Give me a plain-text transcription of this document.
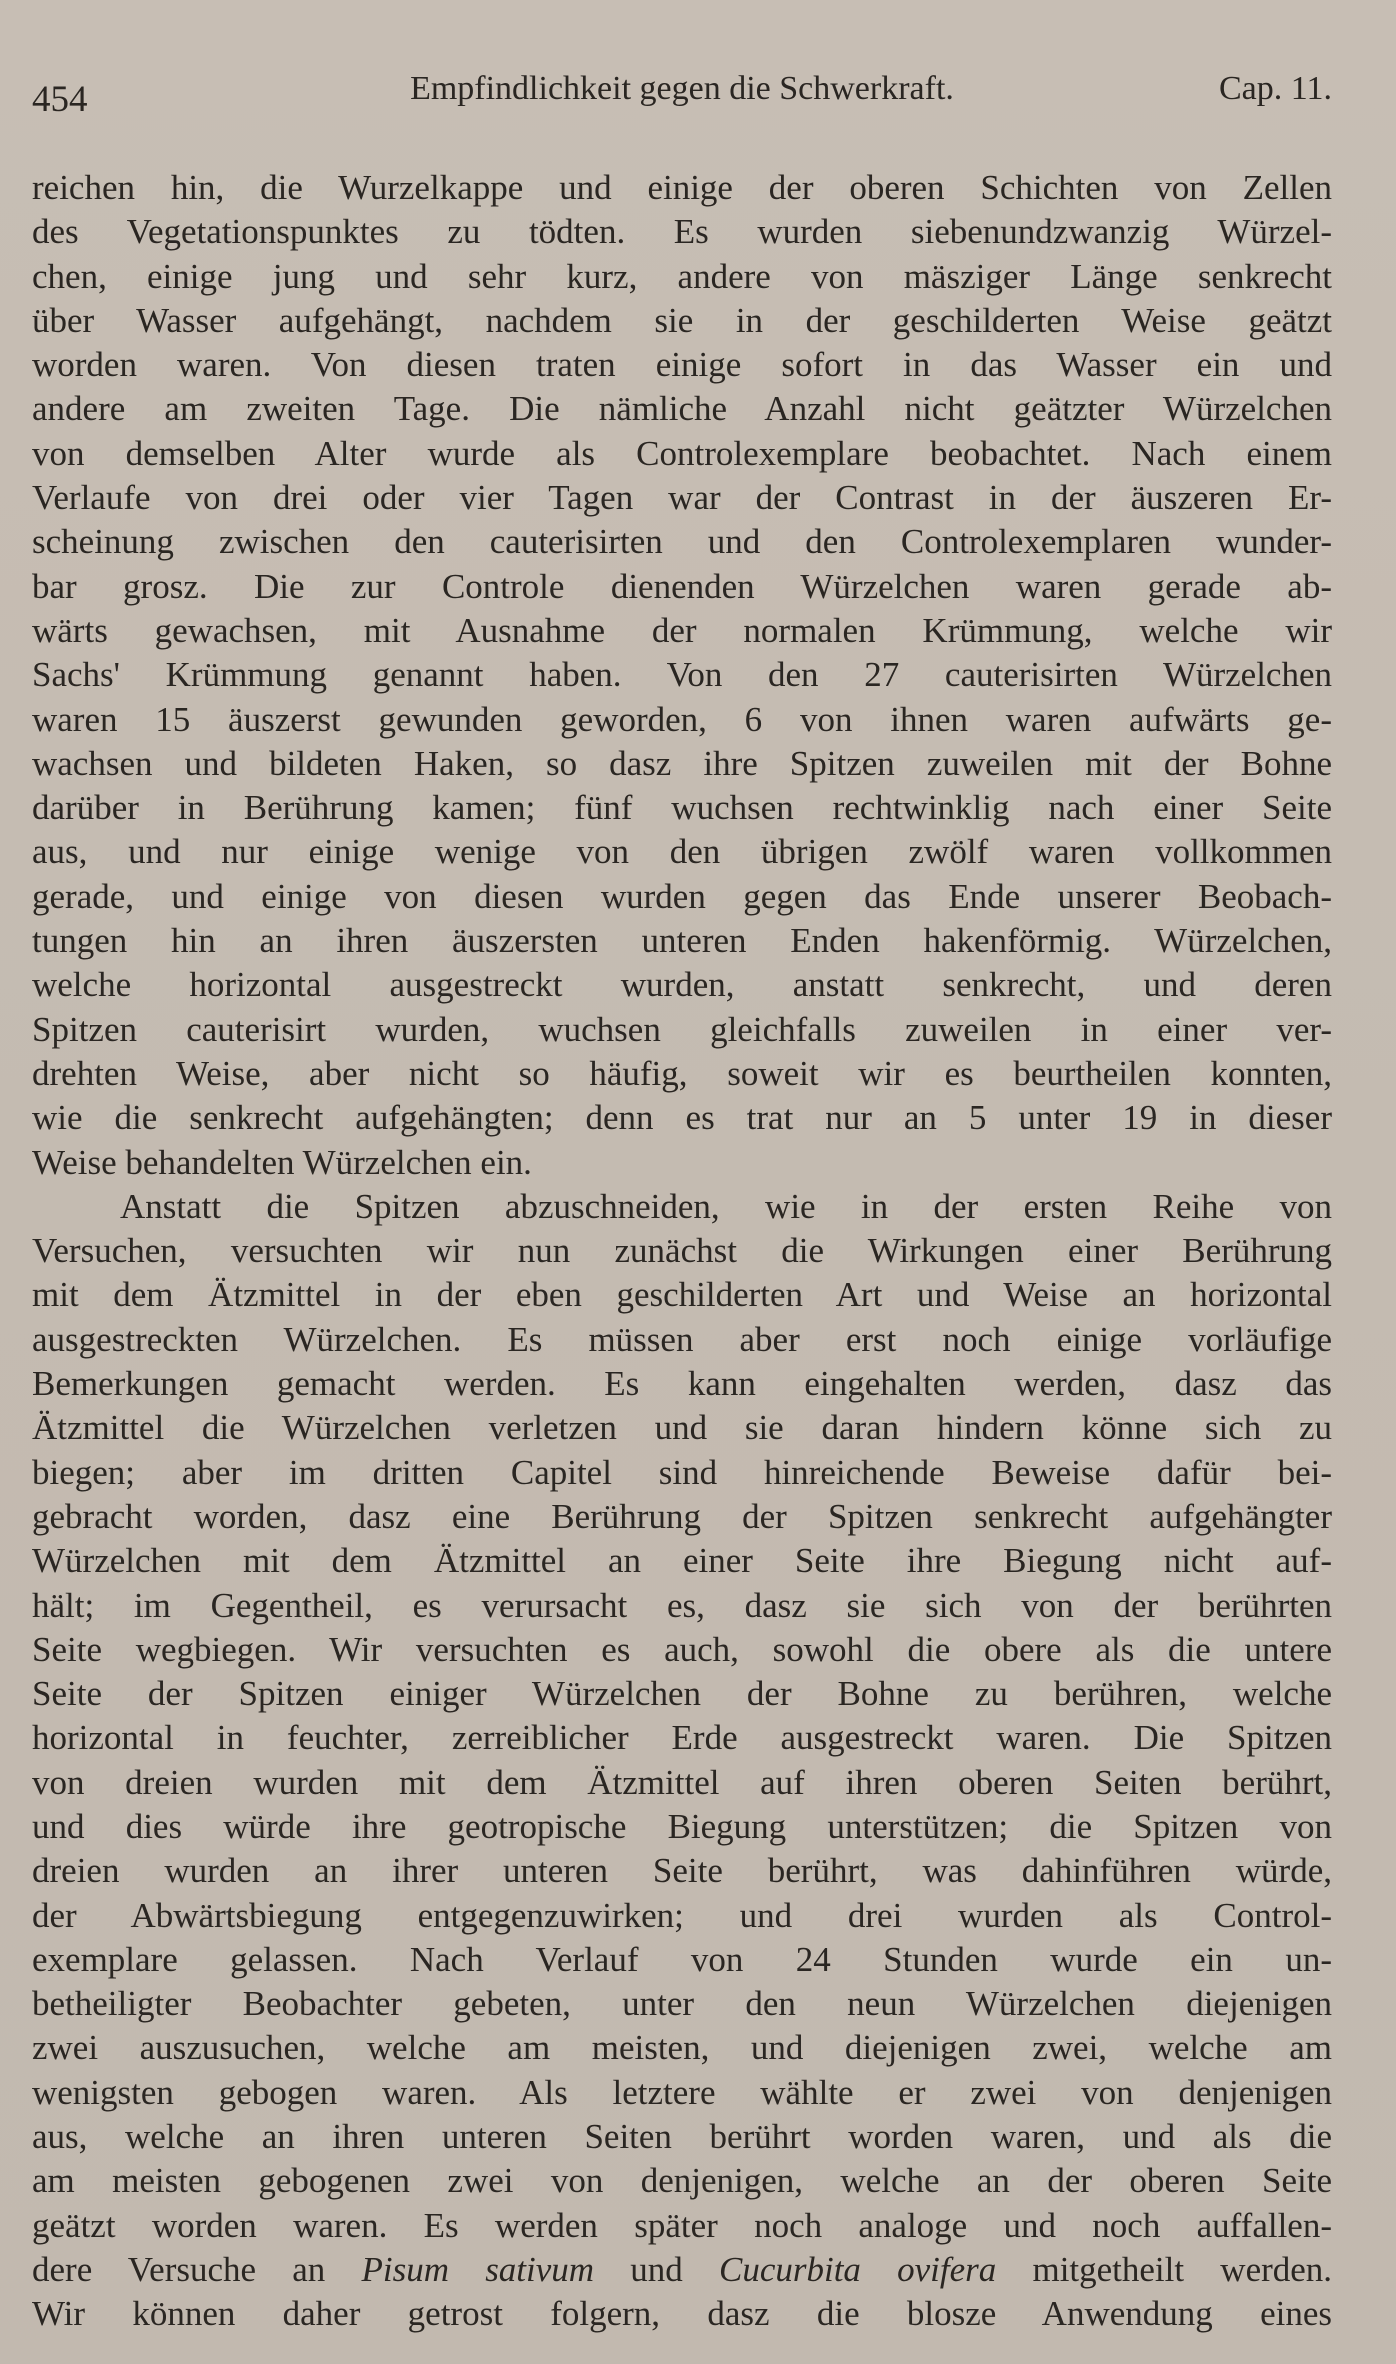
454	Empfindlichkeit gegen die Schwerkraft.	Cap. 11.
reichen hin, die Wurzelkappe und einige der oberen Schichten von Zellen
des Vegetationspunktes zu tödten. Es wurden siebenundzwanzig Würzel-
chen, einige jung und sehr kurz, andere von mäsziger Länge senkrecht
über Wasser aufgehängt, nachdem sie in der geschilderten Weise geätzt
worden waren. Von diesen traten einige sofort in das Wasser ein und
andere am zweiten Tage. Die nämliche Anzahl nicht geätzter Würzelchen
von demselben Alter wurde als Controlexemplare beobachtet. Nach einem
Verlaufe von drei oder vier Tagen war der Contrast in der äuszeren Er-
scheinung zwischen den cauterisirten und den Controlexemplaren wunder-
bar grosz. Die zur Controle dienenden Würzelchen waren gerade ab-
wärts gewachsen, mit Ausnahme der normalen Krümmung, welche wir
Sachs' Krümmung genannt haben. Von den 27 cauterisirten Würzelchen
waren 15 äuszerst gewunden geworden, 6 von ihnen waren aufwärts ge-
wachsen und bildeten Haken, so dasz ihre Spitzen zuweilen mit der Bohne
darüber in Berührung kamen; fünf wuchsen rechtwinklig nach einer Seite
aus, und nur einige wenige von den übrigen zwölf waren vollkommen
gerade, und einige von diesen wurden gegen das Ende unserer Beobach-
tungen hin an ihren äuszersten unteren Enden hakenförmig. Würzelchen,
welche horizontal ausgestreckt wurden, anstatt senkrecht, und deren
Spitzen cauterisirt wurden, wuchsen gleichfalls zuweilen in einer ver-
drehten Weise, aber nicht so häufig, soweit wir es beurtheilen konnten,
wie die senkrecht aufgehängten; denn es trat nur an 5 unter 19 in dieser
Weise behandelten Würzelchen ein.
Anstatt die Spitzen abzuschneiden, wie in der ersten Reihe von
Versuchen, versuchten wir nun zunächst die Wirkungen einer Berührung
mit dem Ätzmittel in der eben geschilderten Art und Weise an horizontal
ausgestreckten Würzelchen. Es müssen aber erst noch einige vorläufige
Bemerkungen gemacht werden. Es kann eingehalten werden, dasz das
Ätzmittel die Würzelchen verletzen und sie daran hindern könne sich zu
biegen; aber im dritten Capitel sind hinreichende Beweise dafür bei-
gebracht worden, dasz eine Berührung der Spitzen senkrecht aufgehängter
Würzelchen mit dem Ätzmittel an einer Seite ihre Biegung nicht auf-
hält; im Gegentheil, es verursacht es, dasz sie sich von der berührten
Seite wegbiegen. Wir versuchten es auch, sowohl die obere als die untere
Seite der Spitzen einiger Würzelchen der Bohne zu berühren, welche
horizontal in feuchter, zerreiblicher Erde ausgestreckt waren. Die Spitzen
von dreien wurden mit dem Ätzmittel auf ihren oberen Seiten berührt,
und dies würde ihre geotropische Biegung unterstützen; die Spitzen von
dreien wurden an ihrer unteren Seite berührt, was dahinführen würde,
der Abwärtsbiegung entgegenzuwirken; und drei wurden als Control-
exemplare gelassen. Nach Verlauf von 24 Stunden wurde ein un-
betheiligter Beobachter gebeten, unter den neun Würzelchen diejenigen
zwei auszusuchen, welche am meisten, und diejenigen zwei, welche am
wenigsten gebogen waren. Als letztere wählte er zwei von denjenigen
aus, welche an ihren unteren Seiten berührt worden waren, und als die
am meisten gebogenen zwei von denjenigen, welche an der oberen Seite
geätzt worden waren. Es werden später noch analoge und noch auffallen-
dere Versuche an Pisum sativum und Cucurbita ovifera mitgetheilt werden.
Wir können daher getrost folgern, dasz die blosze Anwendung eines
